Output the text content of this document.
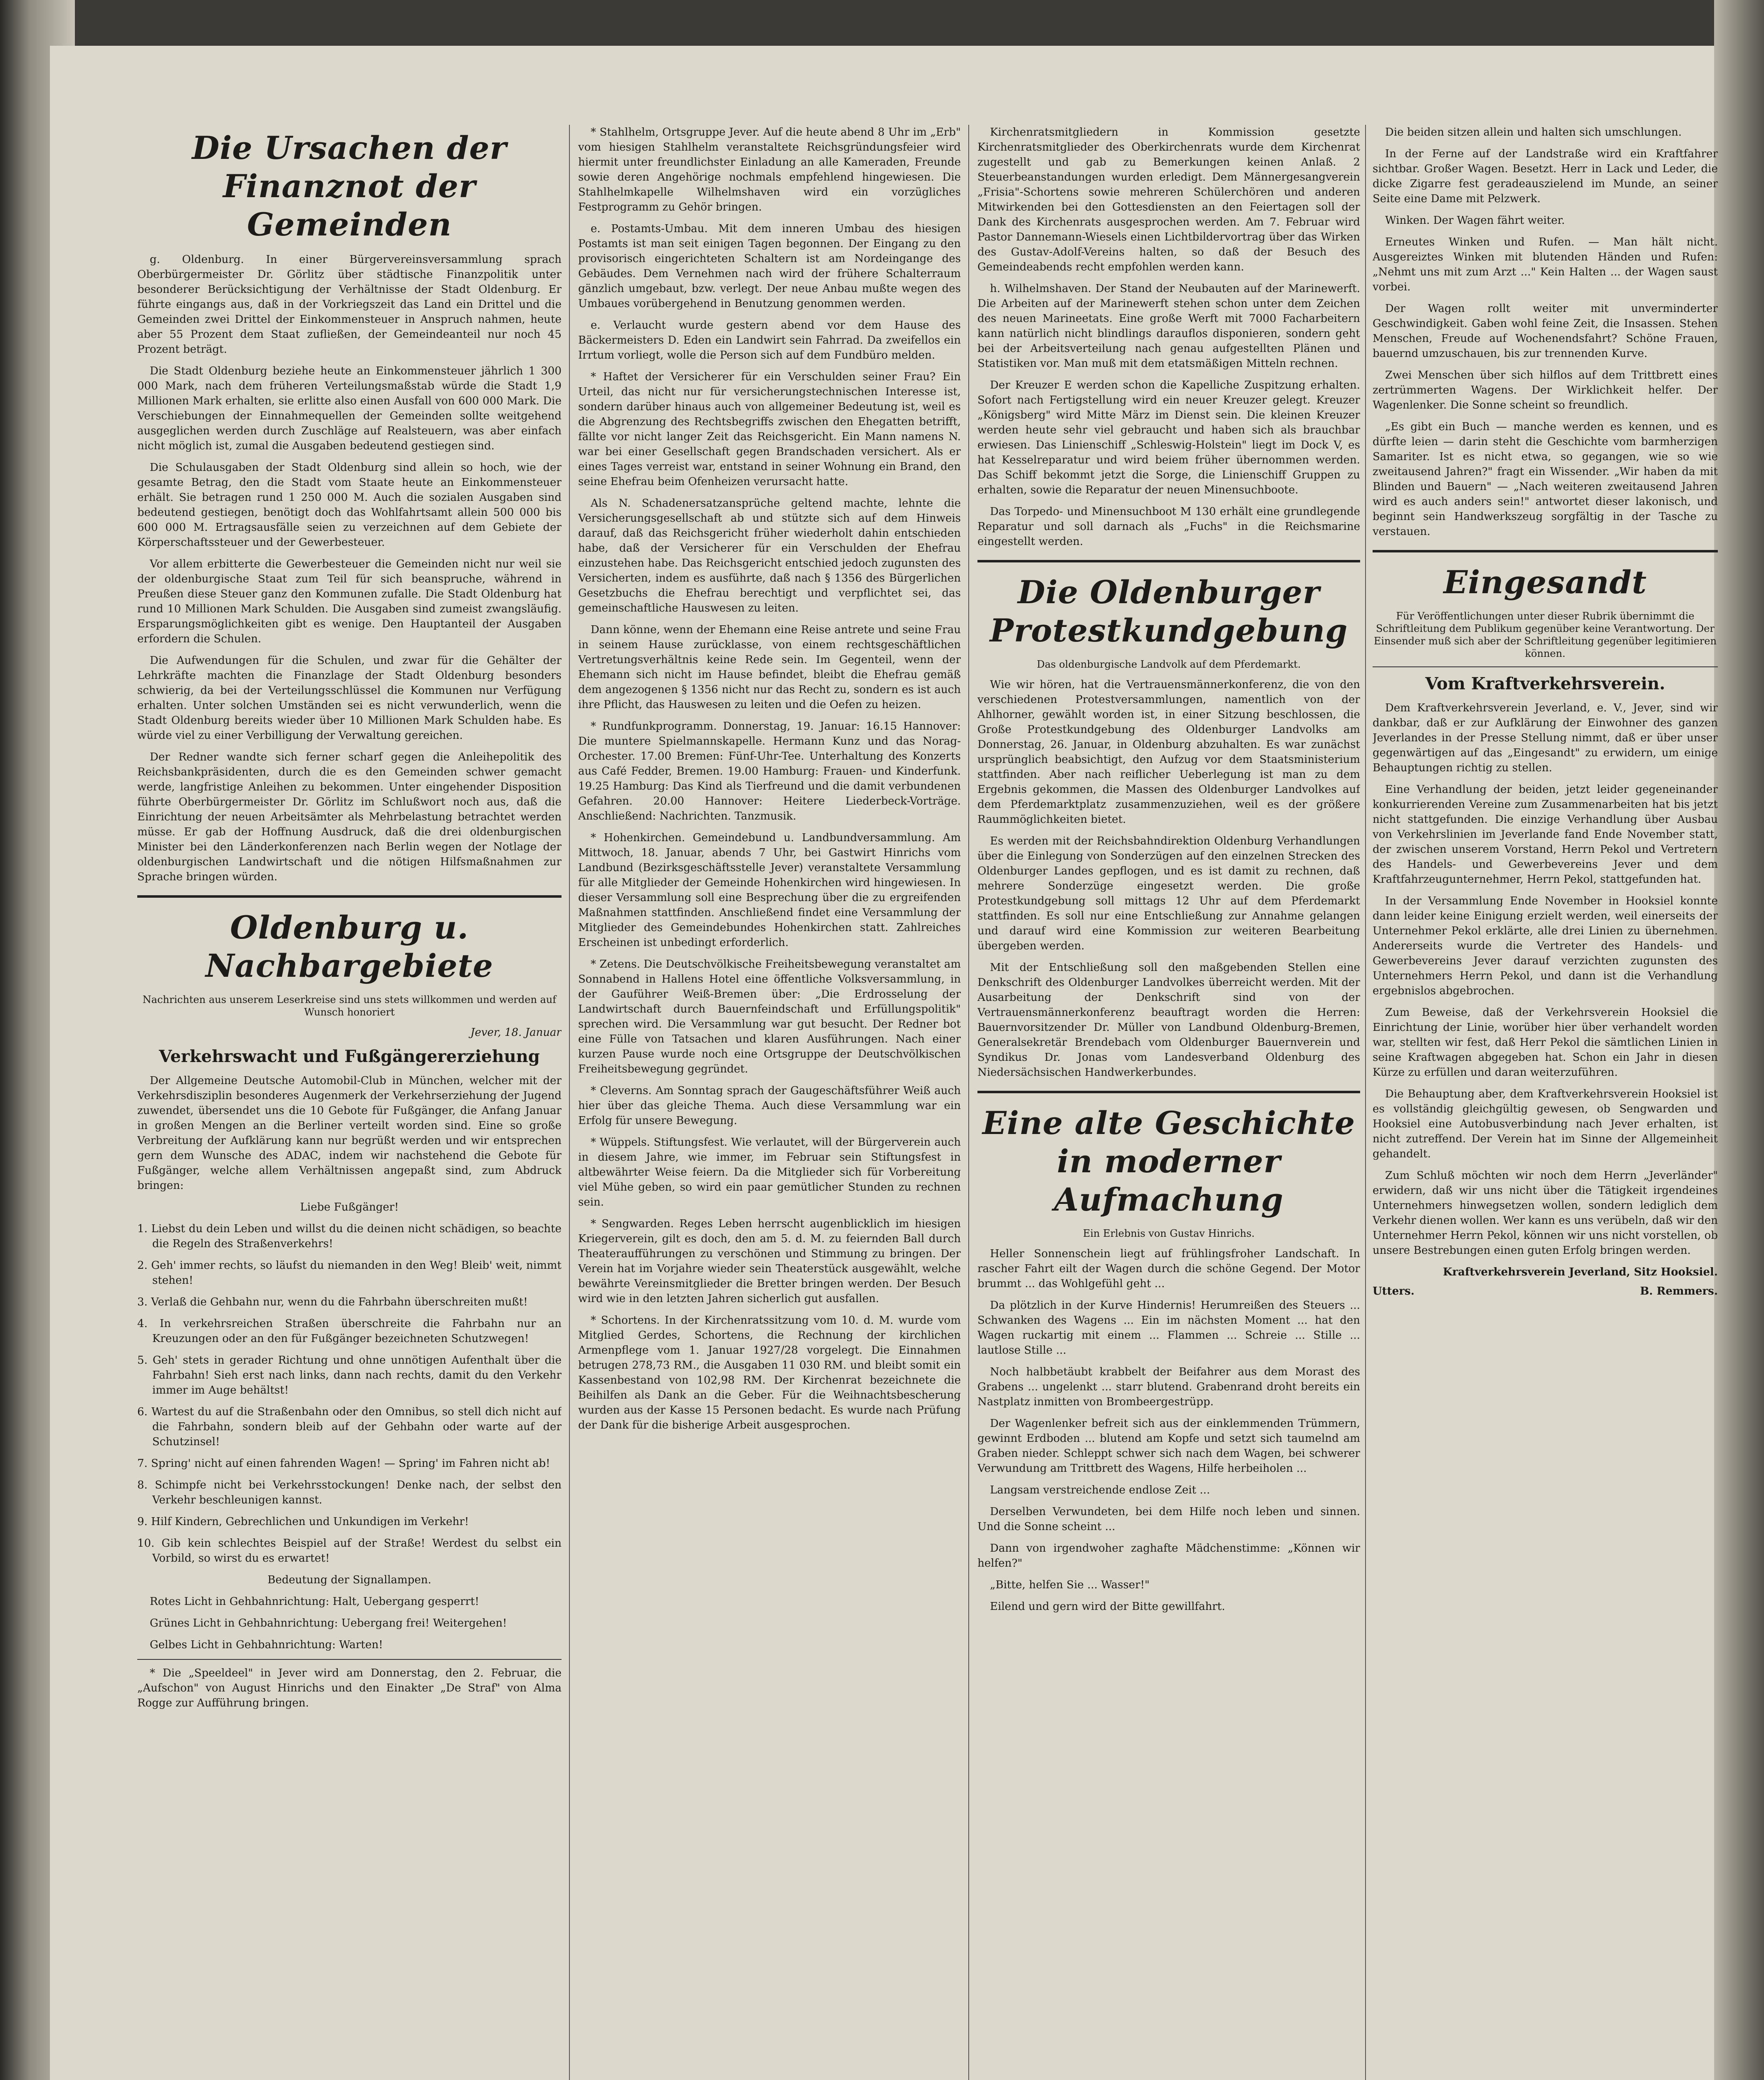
Die Ursachen der Finanznot der Gemeinden

g. Oldenburg. In einer Bürgervereinsversammlung sprach Oberbürgermeister Dr. Görlitz über städtische Finanzpolitik unter besonderer Berücksichtigung der Verhältnisse der Stadt Oldenburg. Er führte eingangs aus, daß in der Vorkriegszeit das Land ein Drittel und die Gemeinden zwei Drittel der Einkommensteuer in Anspruch nahmen, heute aber 55 Prozent dem Staat zufließen, der Gemeindeanteil nur noch 45 Prozent beträgt.

Die Stadt Oldenburg beziehe heute an Einkommensteuer jährlich 1 300 000 Mark, nach dem früheren Verteilungsmaßstab würde die Stadt 1,9 Millionen Mark erhalten, sie erlitte also einen Ausfall von 600 000 Mark. Die Verschiebungen der Einnahmequellen der Gemeinden sollte weitgehend ausgeglichen werden durch Zuschläge auf Realsteuern, was aber einfach nicht möglich ist, zumal die Ausgaben bedeutend gestiegen sind.

Die Schulausgaben der Stadt Oldenburg sind allein so hoch, wie der gesamte Betrag, den die Stadt vom Staate heute an Einkommensteuer erhält. Sie betragen rund 1 250 000 M. Auch die sozialen Ausgaben sind bedeutend gestiegen, benötigt doch das Wohlfahrtsamt allein 500 000 bis 600 000 M. Ertragsausfälle seien zu verzeichnen auf dem Gebiete der Körperschaftssteuer und der Gewerbesteuer.

Vor allem erbitterte die Gewerbesteuer die Gemeinden nicht nur weil sie der oldenburgische Staat zum Teil für sich beanspruche, während in Preußen diese Steuer ganz den Kommunen zufalle. Die Stadt Oldenburg hat rund 10 Millionen Mark Schulden. Die Ausgaben sind zumeist zwangsläufig. Ersparungsmöglichkeiten gibt es wenige. Den Hauptanteil der Ausgaben erfordern die Schulen.

Die Aufwendungen für die Schulen, und zwar für die Gehälter der Lehrkräfte machten die Finanzlage der Stadt Oldenburg besonders schwierig, da bei der Verteilungsschlüssel die Kommunen nur Verfügung erhalten. Unter solchen Umständen sei es nicht verwunderlich, wenn die Stadt Oldenburg bereits wieder über 10 Millionen Mark Schulden habe. Es würde viel zu einer Verbilligung der Verwaltung gereichen.

Der Redner wandte sich ferner scharf gegen die Anleihepolitik des Reichsbankpräsidenten, durch die es den Gemeinden schwer gemacht werde, langfristige Anleihen zu bekommen. Unter eingehender Disposition führte Oberbürgermeister Dr. Görlitz im Schlußwort noch aus, daß die Einrichtung der neuen Arbeitsämter als Mehrbelastung betrachtet werden müsse. Er gab der Hoffnung Ausdruck, daß die drei oldenburgischen Minister bei den Länderkonferenzen nach Berlin wegen der Notlage der oldenburgischen Landwirtschaft und die nötigen Hilfsmaßnahmen zur Sprache bringen würden.

Oldenburg u. Nachbargebiete
Nachrichten aus unserem Leserkreise sind uns stets willkommen und werden auf Wunsch honoriert
Jever, 18. Januar
Verkehrswacht und Fußgängererziehung

Der Allgemeine Deutsche Automobil-Club in München, welcher mit der Verkehrsdisziplin besonderes Augenmerk der Verkehrserziehung der Jugend zuwendet, übersendet uns die 10 Gebote für Fußgänger, die Anfang Januar in großen Mengen an die Berliner verteilt worden sind. Eine so große Verbreitung der Aufklärung kann nur begrüßt werden und wir entsprechen gern dem Wunsche des ADAC, indem wir nachstehend die Gebote für Fußgänger, welche allem Verhältnissen angepaßt sind, zum Abdruck bringen:

Liebe Fußgänger!

1. Liebst du dein Leben und willst du die deinen nicht schädigen, so beachte die Regeln des Straßenverkehrs!

2. Geh' immer rechts, so läufst du niemanden in den Weg! Bleib' weit, nimmt stehen!

3. Verlaß die Gehbahn nur, wenn du die Fahrbahn überschreiten mußt!

4. In verkehrsreichen Straßen überschreite die Fahrbahn nur an Kreuzungen oder an den für Fußgänger bezeichneten Schutzwegen!

5. Geh' stets in gerader Richtung und ohne unnötigen Aufenthalt über die Fahrbahn! Sieh erst nach links, dann nach rechts, damit du den Verkehr immer im Auge behältst!

6. Wartest du auf die Straßenbahn oder den Omnibus, so stell dich nicht auf die Fahrbahn, sondern bleib auf der Gehbahn oder warte auf der Schutzinsel!

7. Spring' nicht auf einen fahrenden Wagen! — Spring' im Fahren nicht ab!

8. Schimpfe nicht bei Verkehrsstockungen! Denke nach, der selbst den Verkehr beschleunigen kannst.

9. Hilf Kindern, Gebrechlichen und Unkundigen im Verkehr!

10. Gib kein schlechtes Beispiel auf der Straße! Werdest du selbst ein Vorbild, so wirst du es erwartet!

Bedeutung der Signallampen.

Rotes Licht in Gehbahnrichtung: Halt, Uebergang gesperrt!

Grünes Licht in Gehbahnrichtung: Uebergang frei! Weitergehen!

Gelbes Licht in Gehbahnrichtung: Warten!

* Die „Speeldeel" in Jever wird am Donnerstag, den 2. Februar, die „Aufschon" von August Hinrichs und den Einakter „De Straf" von Alma Rogge zur Aufführung bringen.

* Stahlhelm, Ortsgruppe Jever. Auf die heute abend 8 Uhr im „Erb" vom hiesigen Stahlhelm veranstaltete Reichsgründungsfeier wird hiermit unter freundlichster Einladung an alle Kameraden, Freunde sowie deren Angehörige nochmals empfehlend hingewiesen. Die Stahlhelmkapelle Wilhelmshaven wird ein vorzügliches Festprogramm zu Gehör bringen.

e. Postamts-Umbau. Mit dem inneren Umbau des hiesigen Postamts ist man seit einigen Tagen begonnen. Der Eingang zu den provisorisch eingerichteten Schaltern ist am Nordeingange des Gebäudes. Dem Vernehmen nach wird der frühere Schalterraum gänzlich umgebaut, bzw. verlegt. Der neue Anbau mußte wegen des Umbaues vorübergehend in Benutzung genommen werden.

e. Verlaucht wurde gestern abend vor dem Hause des Bäckermeisters D. Eden ein Landwirt sein Fahrrad. Da zweifellos ein Irrtum vorliegt, wolle die Person sich auf dem Fundbüro melden.

* Haftet der Versicherer für ein Verschulden seiner Frau? Ein Urteil, das nicht nur für versicherungstechnischen Interesse ist, sondern darüber hinaus auch von allgemeiner Bedeutung ist, weil es die Abgrenzung des Rechtsbegriffs zwischen den Ehegatten betrifft, fällte vor nicht langer Zeit das Reichsgericht. Ein Mann namens N. war bei einer Gesellschaft gegen Brandschaden versichert. Als er eines Tages verreist war, entstand in seiner Wohnung ein Brand, den seine Ehefrau beim Ofenheizen verursacht hatte.

Als N. Schadenersatzansprüche geltend machte, lehnte die Versicherungsgesellschaft ab und stützte sich auf dem Hinweis darauf, daß das Reichsgericht früher wiederholt dahin entschieden habe, daß der Versicherer für ein Verschulden der Ehefrau einzustehen habe. Das Reichsgericht entschied jedoch zugunsten des Versicherten, indem es ausführte, daß nach § 1356 des Bürgerlichen Gesetzbuchs die Ehefrau berechtigt und verpflichtet sei, das gemeinschaftliche Hauswesen zu leiten.

Dann könne, wenn der Ehemann eine Reise antrete und seine Frau in seinem Hause zurücklasse, von einem rechtsgeschäftlichen Vertretungsverhältnis keine Rede sein. Im Gegenteil, wenn der Ehemann sich nicht im Hause befindet, bleibt die Ehefrau gemäß dem angezogenen § 1356 nicht nur das Recht zu, sondern es ist auch ihre Pflicht, das Hauswesen zu leiten und die Oefen zu heizen.

* Rundfunkprogramm. Donnerstag, 19. Januar: 16.15 Hannover: Die muntere Spielmannskapelle. Hermann Kunz und das Norag-Orchester. 17.00 Bremen: Fünf-Uhr-Tee. Unterhaltung des Konzerts aus Café Fedder, Bremen. 19.00 Hamburg: Frauen- und Kinderfunk. 19.25 Hamburg: Das Kind als Tierfreund und die damit verbundenen Gefahren. 20.00 Hannover: Heitere Liederbeck-Vorträge. Anschließend: Nachrichten. Tanzmusik.

* Hohenkirchen. Gemeindebund u. Landbundversammlung. Am Mittwoch, 18. Januar, abends 7 Uhr, bei Gastwirt Hinrichs vom Landbund (Bezirksgeschäftsstelle Jever) veranstaltete Versammlung für alle Mitglieder der Gemeinde Hohenkirchen wird hingewiesen. In dieser Versammlung soll eine Besprechung über die zu ergreifenden Maßnahmen stattfinden. Anschließend findet eine Versammlung der Mitglieder des Gemeindebundes Hohenkirchen statt. Zahlreiches Erscheinen ist unbedingt erforderlich.

* Zetens. Die Deutschvölkische Freiheitsbewegung veranstaltet am Sonnabend in Hallens Hotel eine öffentliche Volksversammlung, in der Gauführer Weiß-Bremen über: „Die Erdrosselung der Landwirtschaft durch Bauernfeindschaft und Erfüllungspolitik" sprechen wird. Die Versammlung war gut besucht. Der Redner bot eine Fülle von Tatsachen und klaren Ausführungen. Nach einer kurzen Pause wurde noch eine Ortsgruppe der Deutschvölkischen Freiheitsbewegung gegründet.

* Cleverns. Am Sonntag sprach der Gaugeschäftsführer Weiß auch hier über das gleiche Thema. Auch diese Versammlung war ein Erfolg für unsere Bewegung.

* Wüppels. Stiftungsfest. Wie verlautet, will der Bürgerverein auch in diesem Jahre, wie immer, im Februar sein Stiftungsfest in altbewährter Weise feiern. Da die Mitglieder sich für Vorbereitung viel Mühe geben, so wird ein paar gemütlicher Stunden zu rechnen sein.

* Sengwarden. Reges Leben herrscht augenblicklich im hiesigen Kriegerverein, gilt es doch, den am 5. d. M. zu feiernden Ball durch Theateraufführungen zu verschönen und Stimmung zu bringen. Der Verein hat im Vorjahre wieder sein Theaterstück ausgewählt, welche bewährte Vereinsmitglieder die Bretter bringen werden. Der Besuch wird wie in den letzten Jahren sicherlich gut ausfallen.

* Schortens. In der Kirchenratssitzung vom 10. d. M. wurde vom Mitglied Gerdes, Schortens, die Rechnung der kirchlichen Armenpflege vom 1. Januar 1927/28 vorgelegt. Die Einnahmen betrugen 278,73 RM., die Ausgaben 11 030 RM. und bleibt somit ein Kassenbestand von 102,98 RM. Der Kirchenrat bezeichnete die Beihilfen als Dank an die Geber. Für die Weihnachtsbescherung wurden aus der Kasse 15 Personen bedacht. Es wurde nach Prüfung der Dank für die bisherige Arbeit ausgesprochen.

Kirchenratsmitgliedern in Kommission gesetzte Kirchenratsmitglieder des Oberkirchenrats wurde dem Kirchenrat zugestellt und gab zu Bemerkungen keinen Anlaß. 2 Steuerbeanstandungen wurden erledigt. Dem Männergesangverein „Frisia"-Schortens sowie mehreren Schülerchören und anderen Mitwirkenden bei den Gottesdiensten an den Feiertagen soll der Dank des Kirchenrats ausgesprochen werden. Am 7. Februar wird Pastor Dannemann-Wiesels einen Lichtbildervortrag über das Wirken des Gustav-Adolf-Vereins halten, so daß der Besuch des Gemeindeabends recht empfohlen werden kann.

h. Wilhelmshaven. Der Stand der Neubauten auf der Marinewerft. Die Arbeiten auf der Marinewerft stehen schon unter dem Zeichen des neuen Marineetats. Eine große Werft mit 7000 Facharbeitern kann natürlich nicht blindlings darauflos disponieren, sondern geht bei der Arbeitsverteilung nach genau aufgestellten Plänen und Statistiken vor. Man muß mit dem etatsmäßigen Mitteln rechnen.

Der Kreuzer E werden schon die Kapelliche Zuspitzung erhalten. Sofort nach Fertigstellung wird ein neuer Kreuzer gelegt. Kreuzer „Königsberg" wird Mitte März im Dienst sein. Die kleinen Kreuzer werden heute sehr viel gebraucht und haben sich als brauchbar erwiesen. Das Linienschiff „Schleswig-Holstein" liegt im Dock V, es hat Kesselreparatur und wird beiem früher übernommen werden. Das Schiff bekommt jetzt die Sorge, die Linienschiff Gruppen zu erhalten, sowie die Reparatur der neuen Minensuchboote.

Das Torpedo- und Minensuchboot M 130 erhält eine grundlegende Reparatur und soll darnach als „Fuchs" in die Reichsmarine eingestellt werden.

Die Oldenburger Protestkundgebung
Das oldenburgische Landvolk auf dem Pferdemarkt.

Wie wir hören, hat die Vertrauensmännerkonferenz, die von den verschiedenen Protestversammlungen, namentlich von der Ahlhorner, gewählt worden ist, in einer Sitzung beschlossen, die Große Protestkundgebung des Oldenburger Landvolks am Donnerstag, 26. Januar, in Oldenburg abzuhalten. Es war zunächst ursprünglich beabsichtigt, den Aufzug vor dem Staatsministerium stattfinden. Aber nach reiflicher Ueberlegung ist man zu dem Ergebnis gekommen, die Massen des Oldenburger Landvolkes auf dem Pferdemarktplatz zusammenzuziehen, weil es der größere Raummöglichkeiten bietet.

Es werden mit der Reichsbahndirektion Oldenburg Verhandlungen über die Einlegung von Sonderzügen auf den einzelnen Strecken des Oldenburger Landes gepflogen, und es ist damit zu rechnen, daß mehrere Sonderzüge eingesetzt werden. Die große Protestkundgebung soll mittags 12 Uhr auf dem Pferdemarkt stattfinden. Es soll nur eine Entschließung zur Annahme gelangen und darauf wird eine Kommission zur weiteren Bearbeitung übergeben werden.

Mit der Entschließung soll den maßgebenden Stellen eine Denkschrift des Oldenburger Landvolkes überreicht werden. Mit der Ausarbeitung der Denkschrift sind von der Vertrauensmännerkonferenz beauftragt worden die Herren: Bauernvorsitzender Dr. Müller von Landbund Oldenburg-Bremen, Generalsekretär Brendebach vom Oldenburger Bauernverein und Syndikus Dr. Jonas vom Landesverband Oldenburg des Niedersächsischen Handwerkerbundes.

Eine alte Geschichte in moderner Aufmachung
Ein Erlebnis von Gustav Hinrichs.

Heller Sonnenschein liegt auf frühlingsfroher Landschaft. In rascher Fahrt eilt der Wagen durch die schöne Gegend. Der Motor brummt ... das Wohlgefühl geht ...

Da plötzlich in der Kurve Hindernis! Herumreißen des Steuers ... Schwanken des Wagens ... Ein im nächsten Moment ... hat den Wagen ruckartig mit einem ... Flammen ... Schreie ... Stille ... lautlose Stille ...

Noch halbbetäubt krabbelt der Beifahrer aus dem Morast des Grabens ... ungelenkt ... starr blutend. Grabenrand droht bereits ein Nastplatz inmitten von Brombeergestrüpp.

Der Wagenlenker befreit sich aus der einklemmenden Trümmern, gewinnt Erdboden ... blutend am Kopfe und setzt sich taumelnd am Graben nieder. Schleppt schwer sich nach dem Wagen, bei schwerer Verwundung am Trittbrett des Wagens, Hilfe herbeiholen ...

Langsam verstreichende endlose Zeit ...

Derselben Verwundeten, bei dem Hilfe noch leben und sinnen. Und die Sonne scheint ...

Dann von irgendwoher zaghafte Mädchenstimme: „Können wir helfen?"

„Bitte, helfen Sie ... Wasser!"

Eilend und gern wird der Bitte gewillfahrt.

Die beiden sitzen allein und halten sich umschlungen.

In der Ferne auf der Landstraße wird ein Kraftfahrer sichtbar. Großer Wagen. Besetzt. Herr in Lack und Leder, die dicke Zigarre fest geradeauszielend im Munde, an seiner Seite eine Dame mit Pelzwerk.

Winken. Der Wagen fährt weiter.

Erneutes Winken und Rufen. — Man hält nicht. Ausgereiztes Winken mit blutenden Händen und Rufen: „Nehmt uns mit zum Arzt ..." Kein Halten ... der Wagen saust vorbei.

Der Wagen rollt weiter mit unverminderter Geschwindigkeit. Gaben wohl feine Zeit, die Insassen. Stehen Menschen, Freude auf Wochenendsfahrt? Schöne Frauen, bauernd umzuschauen, bis zur trennenden Kurve.

Zwei Menschen über sich hilflos auf dem Trittbrett eines zertrümmerten Wagens. Der Wirklichkeit helfer. Der Wagenlenker. Die Sonne scheint so freundlich.

„Es gibt ein Buch — manche werden es kennen, und es dürfte leien — darin steht die Geschichte vom barmherzigen Samariter. Ist es nicht etwa, so gegangen, wie so wie zweitausend Jahren?" fragt ein Wissender. „Wir haben da mit Blinden und Bauern" — „Nach weiteren zweitausend Jahren wird es auch anders sein!" antwortet dieser lakonisch, und beginnt sein Handwerkszeug sorgfältig in der Tasche zu verstauen.

Eingesandt
Für Veröffentlichungen unter dieser Rubrik übernimmt die Schriftleitung dem Publikum gegenüber keine Verantwortung. Der Einsender muß sich aber der Schriftleitung gegenüber legitimieren können.
Vom Kraftverkehrsverein.

Dem Kraftverkehrsverein Jeverland, e. V., Jever, sind wir dankbar, daß er zur Aufklärung der Einwohner des ganzen Jeverlandes in der Presse Stellung nimmt, daß er über unser gegenwärtigen auf das „Eingesandt" zu erwidern, um einige Behauptungen richtig zu stellen.

Eine Verhandlung der beiden, jetzt leider gegeneinander konkurrierenden Vereine zum Zusammenarbeiten hat bis jetzt nicht stattgefunden. Die einzige Verhandlung über Ausbau von Verkehrslinien im Jeverlande fand Ende November statt, der zwischen unserem Vorstand, Herrn Pekol und Vertretern des Handels- und Gewerbevereins Jever und dem Kraftfahrzeugunternehmer, Herrn Pekol, stattgefunden hat.

In der Versammlung Ende November in Hooksiel konnte dann leider keine Einigung erzielt werden, weil einerseits der Unternehmer Pekol erklärte, alle drei Linien zu übernehmen. Andererseits wurde die Vertreter des Handels- und Gewerbevereins Jever darauf verzichten zugunsten des Unternehmers Herrn Pekol, und dann ist die Verhandlung ergebnislos abgebrochen.

Zum Beweise, daß der Verkehrsverein Hooksiel die Einrichtung der Linie, worüber hier über verhandelt worden war, stellten wir fest, daß Herr Pekol die sämtlichen Linien in seine Kraftwagen abgegeben hat. Schon ein Jahr in diesen Kürze zu erfüllen und daran weiterzuführen.

Die Behauptung aber, dem Kraftverkehrsverein Hooksiel ist es vollständig gleichgültig gewesen, ob Sengwarden und Hooksiel eine Autobusverbindung nach Jever erhalten, ist nicht zutreffend. Der Verein hat im Sinne der Allgemeinheit gehandelt.

Zum Schluß möchten wir noch dem Herrn „Jeverländer" erwidern, daß wir uns nicht über die Tätigkeit irgendeines Unternehmers hinwegsetzen wollen, sondern lediglich dem Verkehr dienen wollen. Wer kann es uns verübeln, daß wir den Unternehmer Herrn Pekol, können wir uns nicht vorstellen, ob unsere Bestrebungen einen guten Erfolg bringen werden.

Kraftverkehrsverein Jeverland, Sitz Hooksiel.
Utters.	B. Remmers.
